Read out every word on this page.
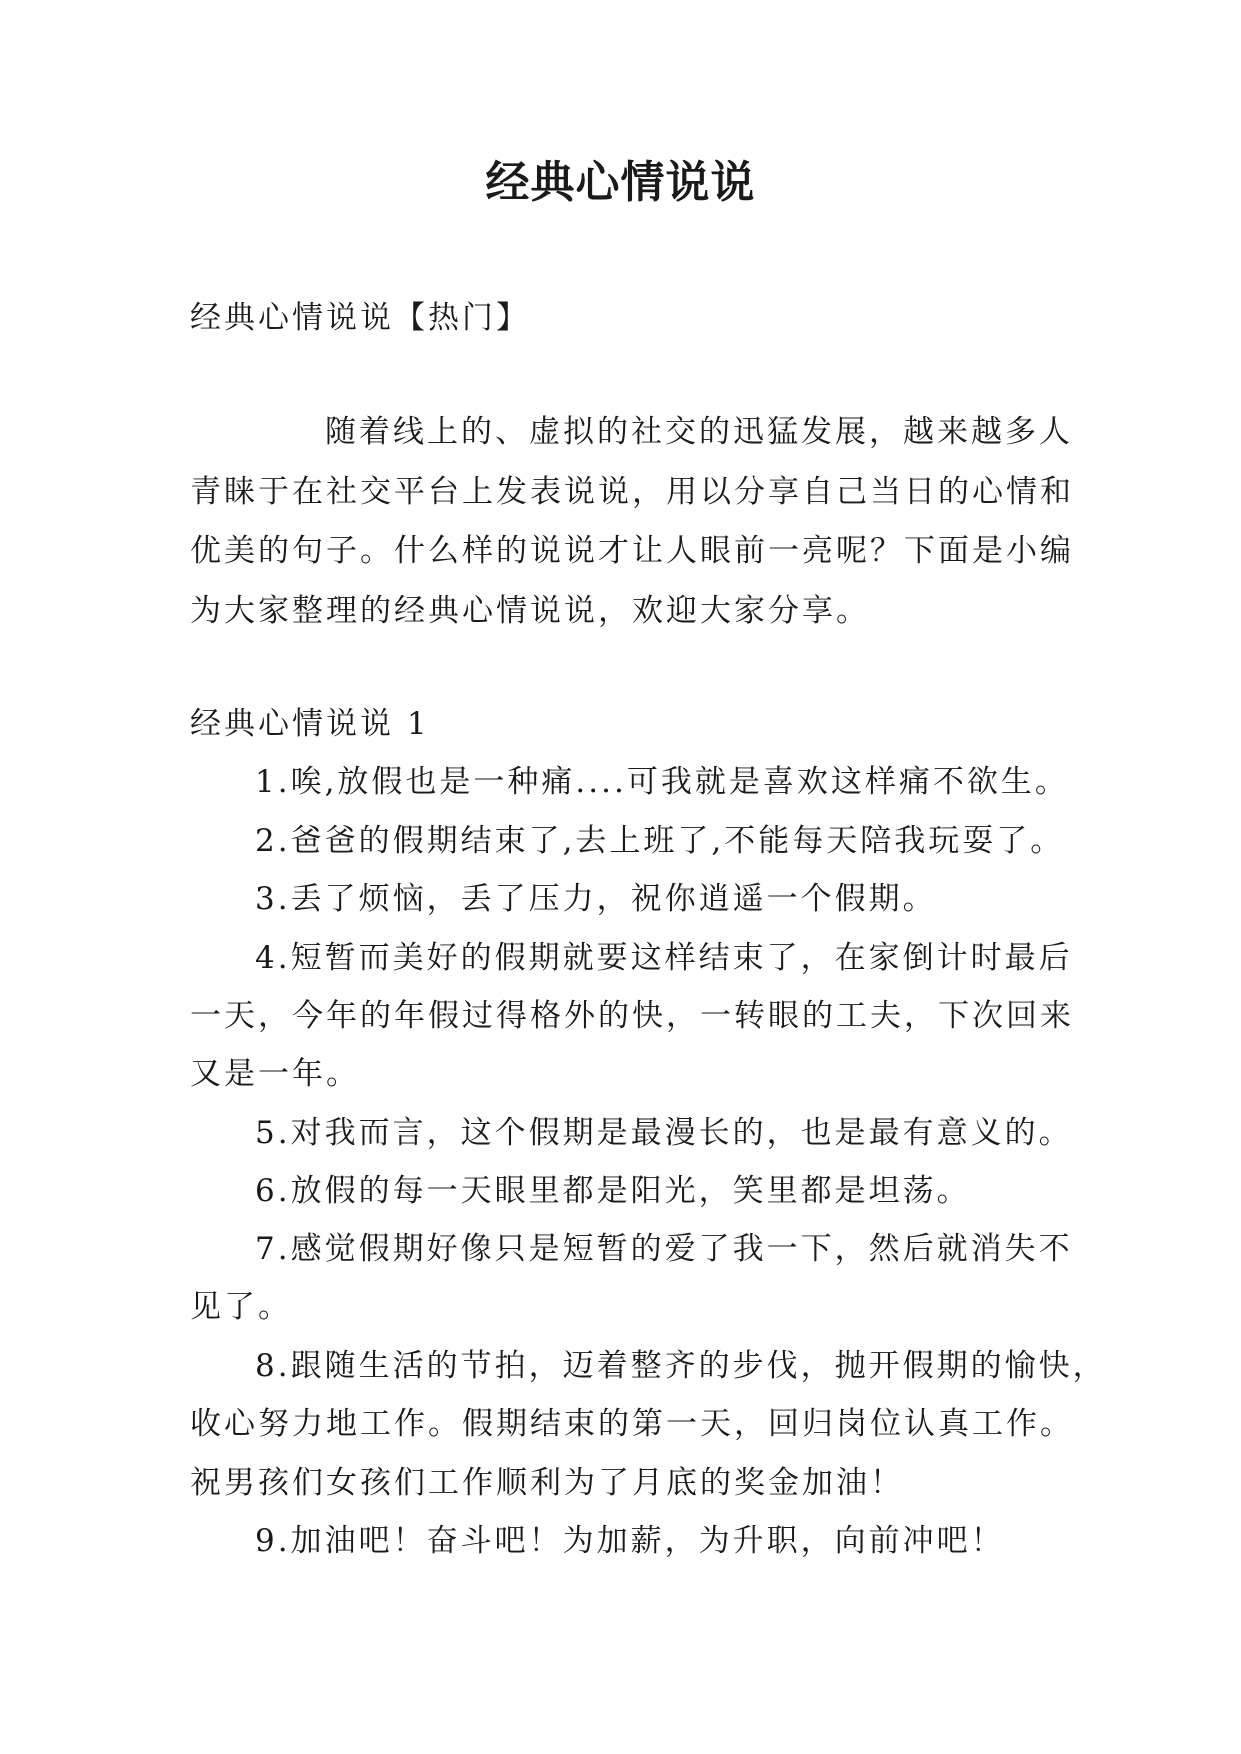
经典心情说说
经典心情说说【热门】
随着线上的、虚拟的社交的迅猛发展，越来越多人
青睐于在社交平台上发表说说，用以分享自己当日的心情和
优美的句子。什么样的说说才让人眼前一亮呢？下面是小编
为大家整理的经典心情说说，欢迎大家分享。
经典心情说说 1
1.唉,放假也是一种痛....可我就是喜欢这样痛不欲生。
2.爸爸的假期结束了,去上班了,不能每天陪我玩耍了。
3.丢了烦恼，丢了压力，祝你逍遥一个假期。
4.短暂而美好的假期就要这样结束了，在家倒计时最后
一天，今年的年假过得格外的快，一转眼的工夫，下次回来
又是一年。
5.对我而言，这个假期是最漫长的，也是最有意义的。
6.放假的每一天眼里都是阳光，笑里都是坦荡。
7.感觉假期好像只是短暂的爱了我一下，然后就消失不
见了。
8.跟随生活的节拍，迈着整齐的步伐，抛开假期的愉快，
收心努力地工作。假期结束的第一天，回归岗位认真工作。
祝男孩们女孩们工作顺利为了月底的奖金加油！
9.加油吧！奋斗吧！为加薪，为升职，向前冲吧！
